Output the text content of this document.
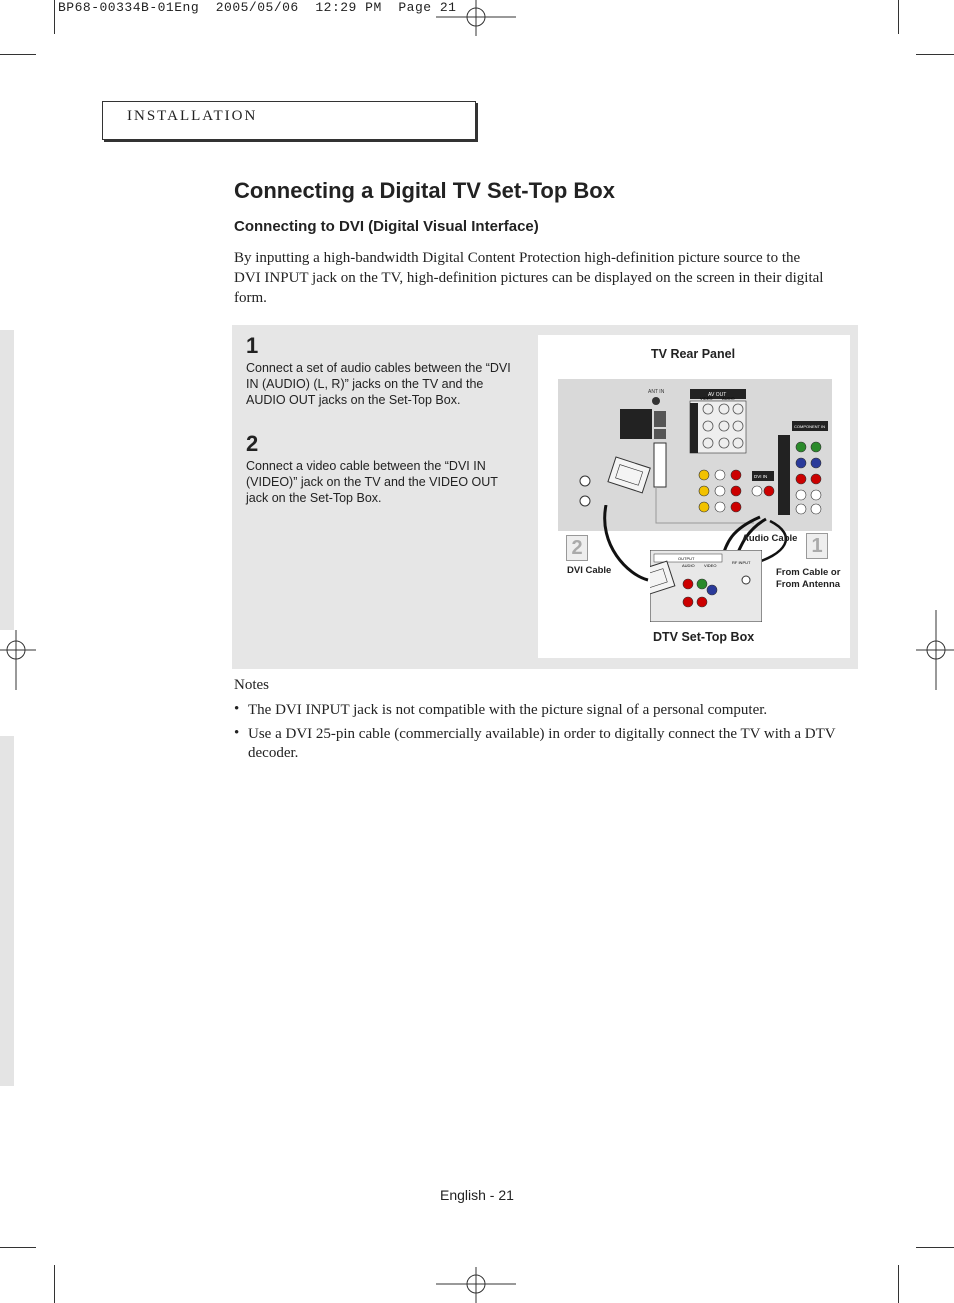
BP68-00334B-01Eng  2005/05/06  12:29 PM  Page 21
INSTALLATION
Connecting a Digital TV Set-Top Box
Connecting to DVI (Digital Visual Interface)
By inputting a high-bandwidth Digital Content Protection high-definition picture source to the DVI INPUT jack on the TV, high-definition pictures can be displayed on the screen in their digital form.
1
Connect a set of audio cables between the “DVI IN (AUDIO) (L, R)” jacks on the TV and the AUDIO OUT jacks on the Set-Top Box.
2
Connect a video cable between the “DVI IN (VIDEO)” jack on the TV and the VIDEO OUT jack on the Set-Top Box.
TV Rear Panel
ANT IN	AV OUT
VIDEO AUDIO
DVI IN
COMPONENT IN
OUTPUT
AUDIO VIDEO
RF INPUT
2	1
Audio Cable
DVI Cable	From Cable or From Antenna
DTV Set-Top Box
Notes
• The DVI INPUT jack is not compatible with the picture signal of a personal computer.
• Use a DVI 25-pin cable (commercially available) in order to digitally connect the TV with a DTV decoder.
English - 21
